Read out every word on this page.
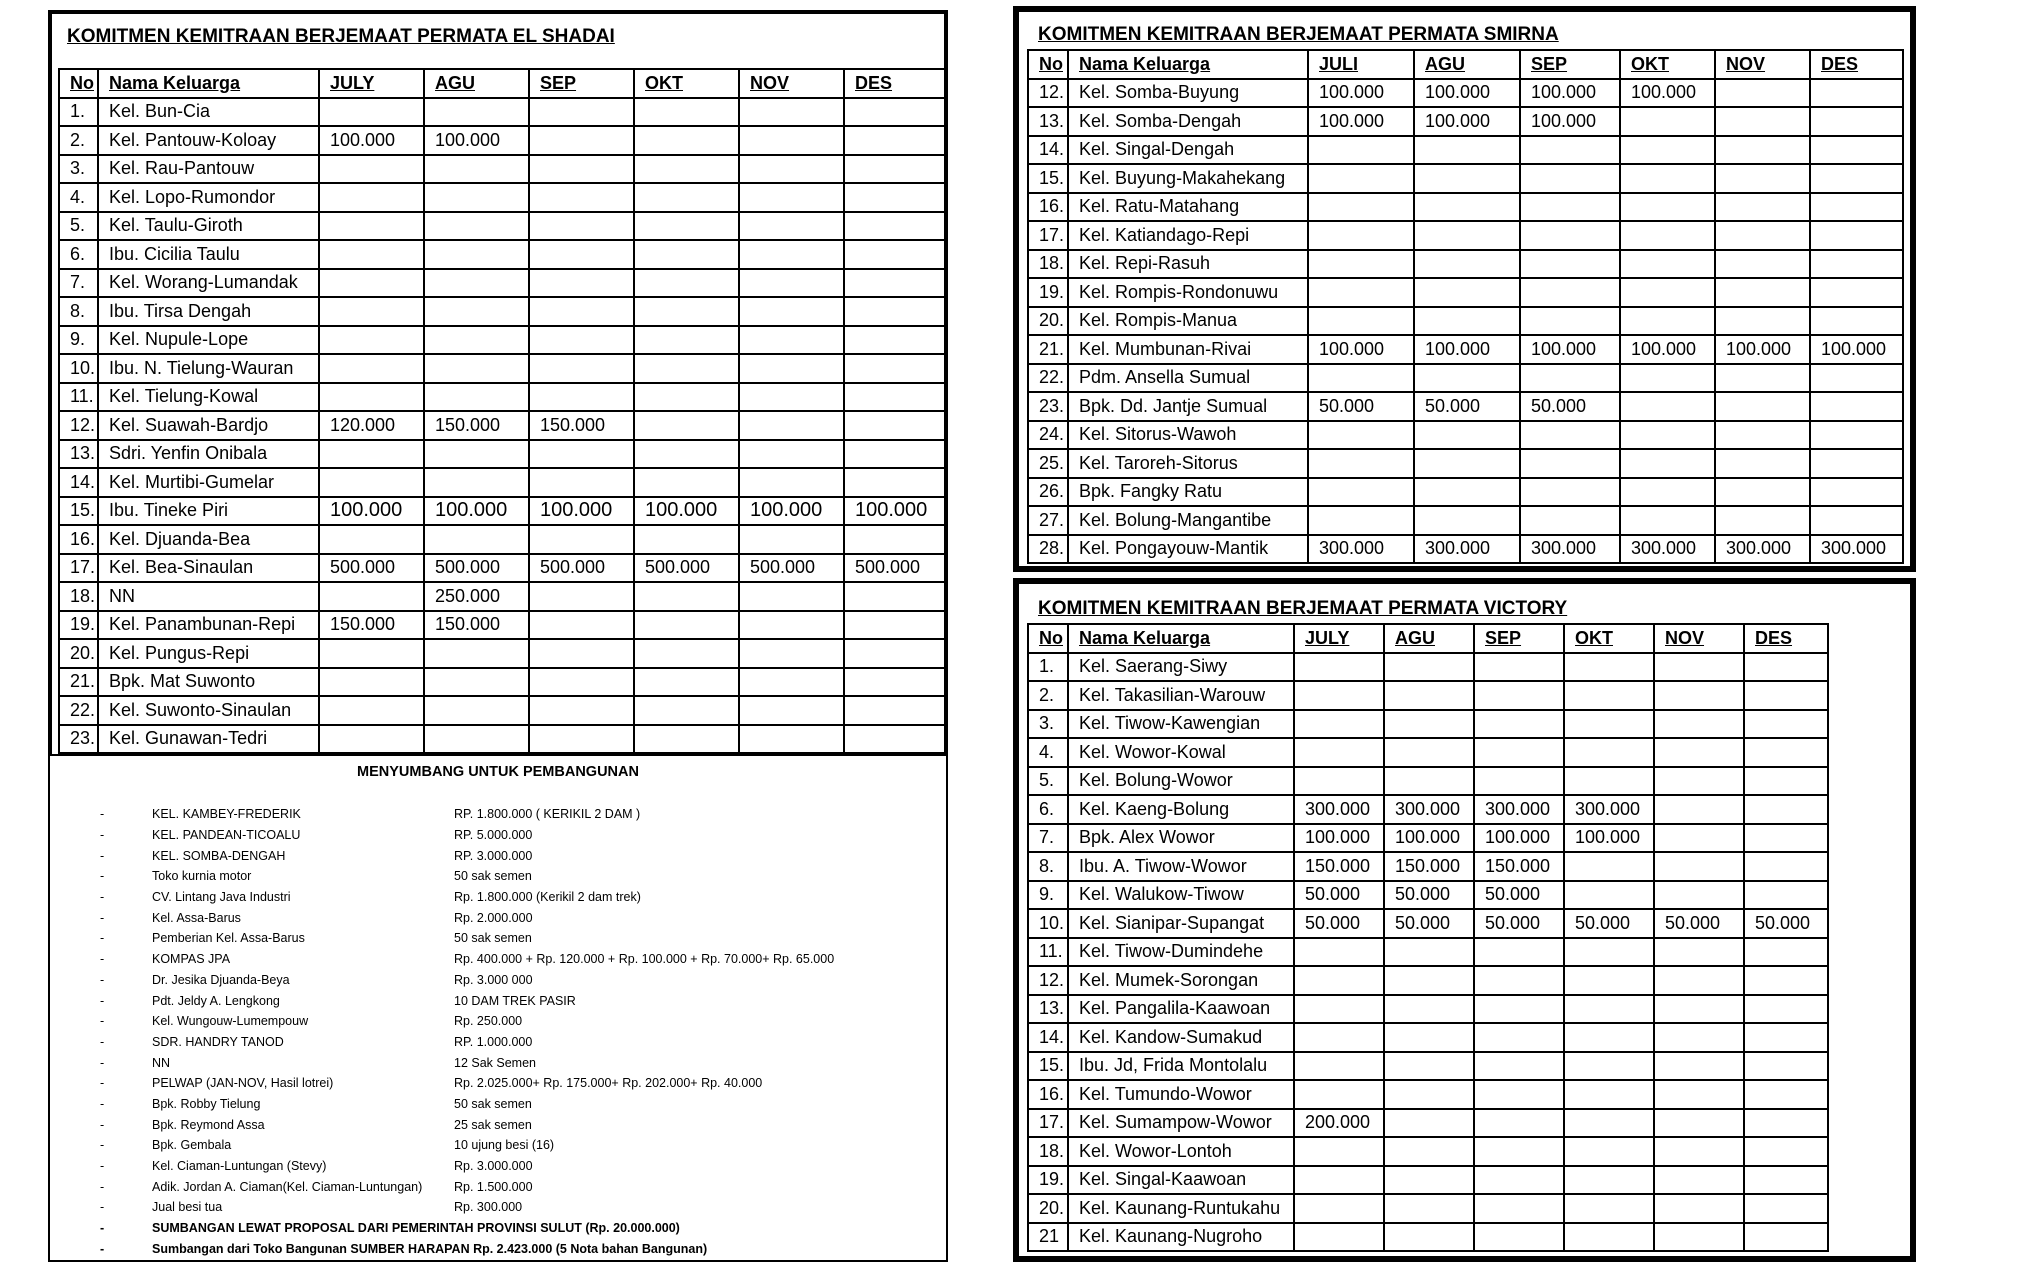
KOMITMEN KEMITRAAN BERJEMAAT PERMATA EL SHADAI
No	Nama Keluarga	JULY	AGU	SEP	OKT	NOV	DES
1.	Kel. Bun-Cia						
2.	Kel. Pantouw-Koloay	100.000	100.000				
3.	Kel. Rau-Pantouw						
4.	Kel. Lopo-Rumondor						
5.	Kel. Taulu-Giroth						
6.	Ibu. Cicilia Taulu						
7.	Kel. Worang-Lumandak						
8.	Ibu. Tirsa Dengah						
9.	Kel. Nupule-Lope						
10.	Ibu. N. Tielung-Wauran						
11.	Kel. Tielung-Kowal						
12.	Kel. Suawah-Bardjo	120.000	150.000	150.000			
13.	Sdri. Yenfin Onibala						
14.	Kel. Murtibi-Gumelar						
15.	Ibu. Tineke Piri	100.000	100.000	100.000	100.000	100.000	100.000
16.	Kel. Djuanda-Bea						
17.	Kel. Bea-Sinaulan	500.000	500.000	500.000	500.000	500.000	500.000
18.	NN		250.000				
19.	Kel. Panambunan-Repi	150.000	150.000				
20.	Kel. Pungus-Repi						
21.	Bpk. Mat Suwonto						
22.	Kel. Suwonto-Sinaulan						
23.	Kel. Gunawan-Tedri						
MENYUMBANG UNTUK PEMBANGUNAN
-	KEL. KAMBEY-FREDERIK	RP. 1.800.000 ( KERIKIL 2 DAM )
-	KEL. PANDEAN-TICOALU	RP. 5.000.000
-	KEL. SOMBA-DENGAH	RP. 3.000.000
-	Toko kurnia motor	50 sak semen
-	CV. Lintang Java Industri	Rp. 1.800.000 (Kerikil 2 dam trek)
-	Kel. Assa-Barus	Rp. 2.000.000
-	Pemberian Kel. Assa-Barus	50 sak semen
-	KOMPAS JPA	Rp. 400.000 + Rp. 120.000 + Rp. 100.000 + Rp. 70.000+ Rp. 65.000
-	Dr. Jesika Djuanda-Beya	Rp. 3.000 000
-	Pdt. Jeldy A. Lengkong	10 DAM TREK PASIR
-	Kel. Wungouw-Lumempouw	Rp. 250.000
-	SDR. HANDRY TANOD	RP. 1.000.000
-	NN	12 Sak Semen
-	PELWAP (JAN-NOV, Hasil lotrei)	Rp. 2.025.000+ Rp. 175.000+ Rp. 202.000+ Rp. 40.000
-	Bpk. Robby Tielung	50 sak semen
-	Bpk. Reymond Assa	25 sak semen
-	Bpk. Gembala	10 ujung besi (16)
-	Kel. Ciaman-Luntungan (Stevy)	Rp. 3.000.000
-	Adik. Jordan A. Ciaman(Kel. Ciaman-Luntungan)	Rp. 1.500.000
-	Jual besi tua	Rp. 300.000
-	SUMBANGAN LEWAT PROPOSAL DARI PEMERINTAH PROVINSI SULUT (Rp. 20.000.000)
-	Sumbangan dari Toko Bangunan SUMBER HARAPAN Rp. 2.423.000 (5 Nota bahan Bangunan)
KOMITMEN KEMITRAAN BERJEMAAT PERMATA SMIRNA
No	Nama Keluarga	JULI	AGU	SEP	OKT	NOV	DES
12.	Kel. Somba-Buyung	100.000	100.000	100.000	100.000		
13.	Kel. Somba-Dengah	100.000	100.000	100.000			
14.	Kel. Singal-Dengah						
15.	Kel. Buyung-Makahekang						
16.	Kel. Ratu-Matahang						
17.	Kel. Katiandago-Repi						
18.	Kel. Repi-Rasuh						
19.	Kel. Rompis-Rondonuwu						
20.	Kel. Rompis-Manua						
21.	Kel. Mumbunan-Rivai	100.000	100.000	100.000	100.000	100.000	100.000
22.	Pdm. Ansella Sumual						
23.	Bpk. Dd. Jantje Sumual	50.000	50.000	50.000			
24.	Kel. Sitorus-Wawoh						
25.	Kel. Taroreh-Sitorus						
26.	Bpk. Fangky Ratu						
27.	Kel. Bolung-Mangantibe						
28.	Kel. Pongayouw-Mantik	300.000	300.000	300.000	300.000	300.000	300.000
KOMITMEN KEMITRAAN BERJEMAAT PERMATA VICTORY
No	Nama Keluarga	JULY	AGU	SEP	OKT	NOV	DES
1.	Kel. Saerang-Siwy						
2.	Kel. Takasilian-Warouw						
3.	Kel. Tiwow-Kawengian						
4.	Kel. Wowor-Kowal						
5.	Kel. Bolung-Wowor						
6.	Kel. Kaeng-Bolung	300.000	300.000	300.000	300.000		
7.	Bpk. Alex Wowor	100.000	100.000	100.000	100.000		
8.	Ibu. A. Tiwow-Wowor	150.000	150.000	150.000			
9.	Kel. Walukow-Tiwow	50.000	50.000	50.000			
10.	Kel. Sianipar-Supangat	50.000	50.000	50.000	50.000	50.000	50.000
11.	Kel. Tiwow-Dumindehe						
12.	Kel. Mumek-Sorongan						
13.	Kel. Pangalila-Kaawoan						
14.	Kel. Kandow-Sumakud						
15.	Ibu. Jd, Frida Montolalu						
16.	Kel. Tumundo-Wowor						
17.	Kel. Sumampow-Wowor	200.000					
18.	Kel. Wowor-Lontoh						
19.	Kel. Singal-Kaawoan						
20.	Kel. Kaunang-Runtukahu						
21	Kel. Kaunang-Nugroho						
